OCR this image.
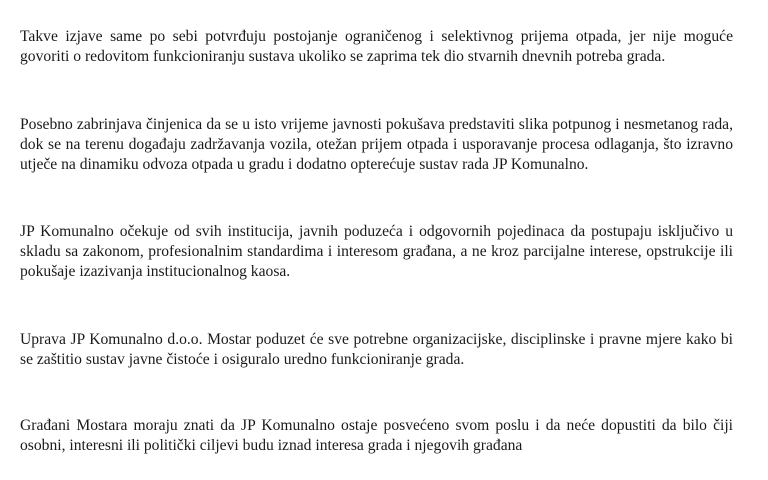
Takve izjave same po sebi potvrđuju postojanje ograničenog i selektivnog prijema otpada, jer nije moguće govoriti o redovitom funkcioniranju sustava ukoliko se zaprima tek dio stvarnih dnevnih potreba grada.

Posebno zabrinjava činjenica da se u isto vrijeme javnosti pokušava predstaviti slika potpunog i nesmetanog rada, dok se na terenu događaju zadržavanja vozila, otežan prijem otpada i usporavanje procesa odlaganja, što izravno utječe na dinamiku odvoza otpada u gradu i dodatno opterećuje sustav rada JP Komunalno.

JP Komunalno očekuje od svih institucija, javnih poduzeća i odgovornih pojedinaca da postupaju isključivo u skladu sa zakonom, profesionalnim standardima i interesom građana, a ne kroz parcijalne interese, opstrukcije ili pokušaje izazivanja institucionalnog kaosa.

Uprava JP Komunalno d.o.o. Mostar poduzet će sve potrebne organizacijske, disciplinske i pravne mjere kako bi se zaštitio sustav javne čistoće i osiguralo uredno funkcioniranje grada.

Građani Mostara moraju znati da JP Komunalno ostaje posvećeno svom poslu i da neće dopustiti da bilo čiji osobni, interesni ili politički ciljevi budu iznad interesa grada i njegovih građana
